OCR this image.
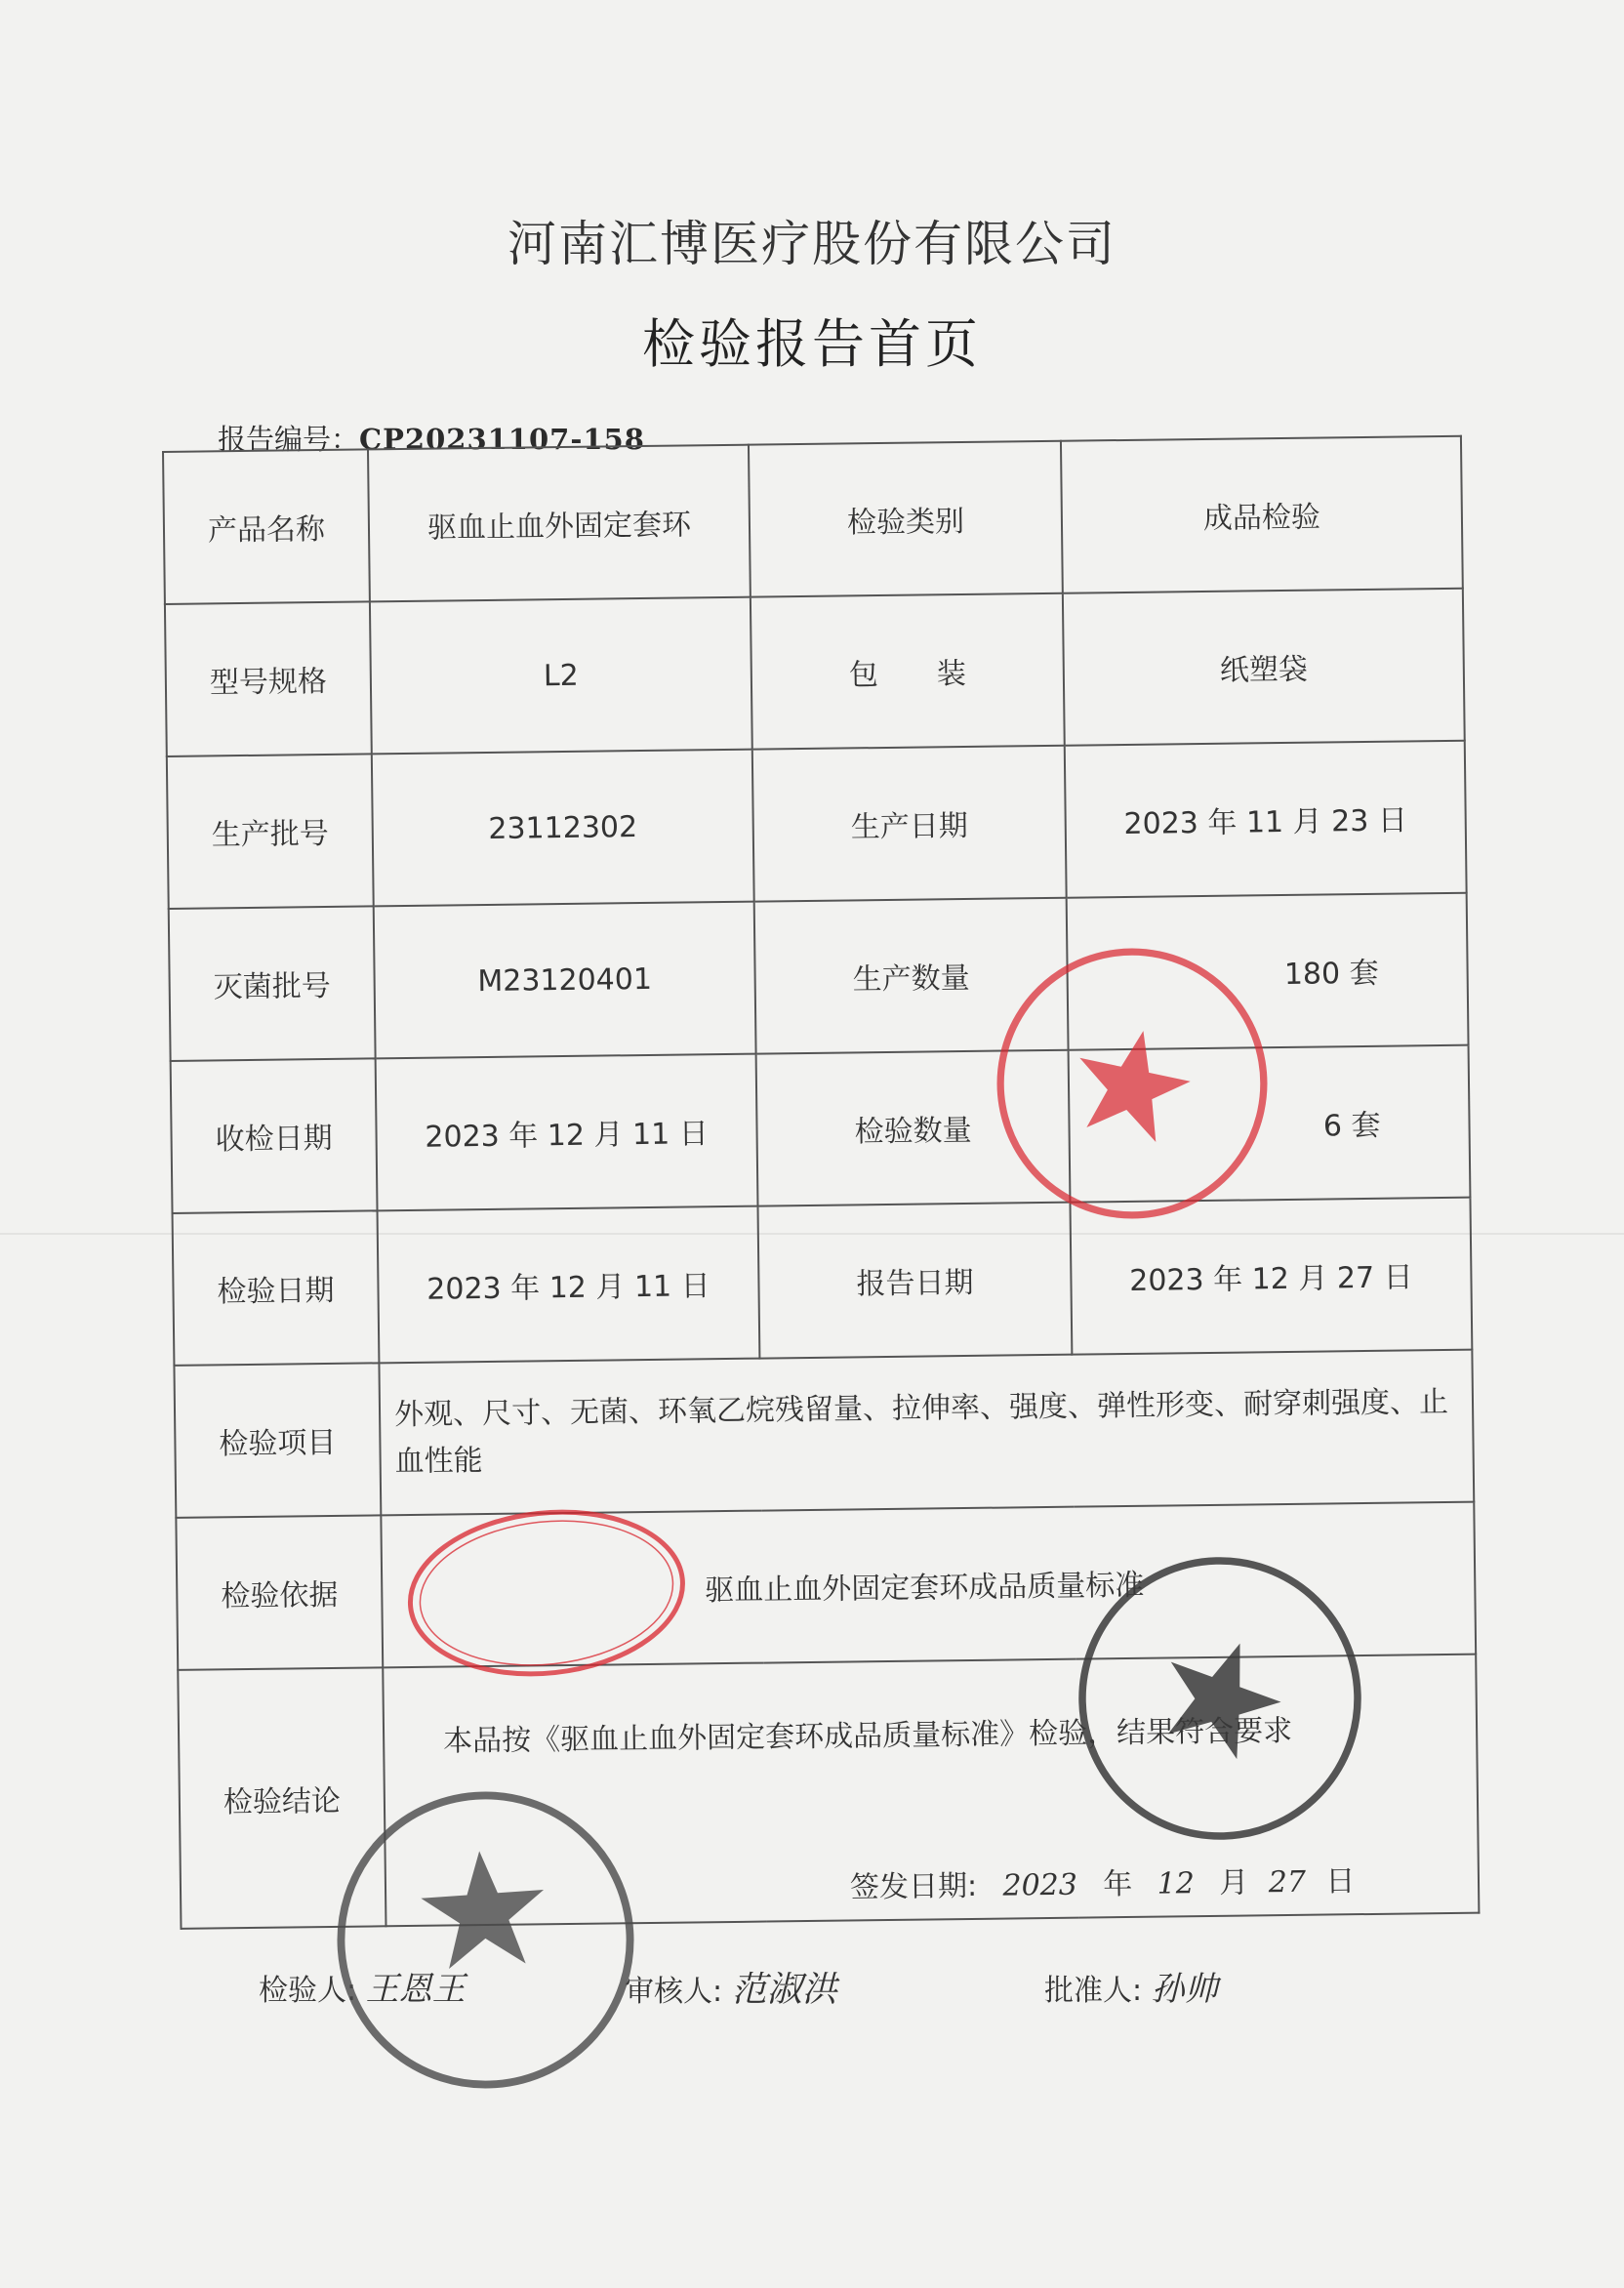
河南汇博医疗股份有限公司
检验报告首页
报告编号：CP20231107-158
产品名称	驱血止血外固定套环	检验类别	成品检验
型号规格	L2	包　　装	纸塑袋
生产批号	23112302	生产日期	2023 年 11 月 23 日
灭菌批号	M23120401	生产数量	180 套
收检日期	2023 年 12 月 11 日	检验数量	6 套
检验日期	2023 年 12 月 11 日	报告日期	2023 年 12 月 27 日
检验项目	外观、尺寸、无菌、环氧乙烷残留量、拉伸率、强度、弹性形变、耐穿刺强度、止血性能		
检验依据	驱血止血外固定套环成品质量标准		
检验结论	本品按《驱血止血外固定套环成品质量标准》检验，结果符合要求
签发日期: 2023 年 12 月 27 日		
检验人: 王恩王	审核人: 范淑洪	批准人: 孙帅
